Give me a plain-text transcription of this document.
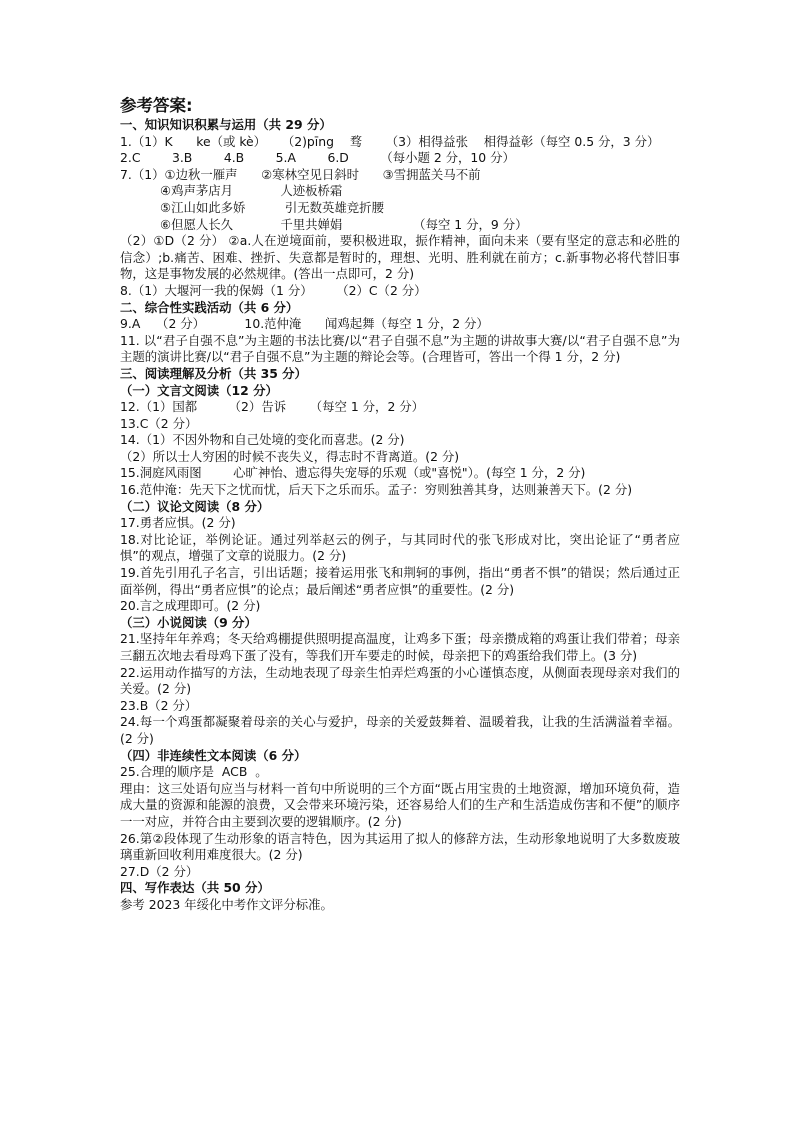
参考答案:
一、知识知识积累与运用（共 29 分）
1.（1）K      ke（或 kè）    （2)pīng    骛      （3）相得益张    相得益彰（每空 0.5 分，3 分）
2.C        3.B        4.B        5.A        6.D        （每小题 2 分，10 分）
7.（1）①边秋一雁声      ②寒林空见日斜时      ③雪拥蓝关马不前
④鸡声茅店月            人迹板桥霜
⑤江山如此多娇          引无数英雄竞折腰
⑥但愿人长久            千里共婵娟                  （每空 1 分，9 分）
（2）①D（2 分） ②a.人在逆境面前，要积极进取，振作精神，面向未来（要有坚定的意志和必胜的信念）;b.痛苦、困难、挫折、失意都是暂时的，理想、光明、胜利就在前方；c.新事物必将代替旧事物，这是事物发展的必然规律。(答出一点即可，2 分)
8.（1）大堰河一我的保姆（1 分）      （2）C（2 分）
二、综合性实践活动（共 6 分）
9.A    （2 分）          10.范仲淹      闻鸡起舞（每空 1 分，2 分）
11. 以“君子自强不息”为主题的书法比赛/以“君子自强不息”为主题的讲故事大赛/以“君子自强不息”为主题的演讲比赛/以“君子自强不息”为主题的辩论会等。(合理皆可，答出一个得 1 分，2 分)
三、阅读理解及分析（共 35 分）
（一）文言文阅读（12 分）
12.（1）国都        （2）告诉      （每空 1 分，2 分）
13.C（2 分）
14.（1）不因外物和自己处境的变化而喜悲。(2 分)
（2）所以士人穷困的时候不丧失义，得志时不背离道。(2 分)
15.洞庭风雨图        心旷神怡、遗忘得失宠辱的乐观（或"喜悦"）。(每空 1 分，2 分)
16.范仲淹：先天下之忧而忧，后天下之乐而乐。孟子：穷则独善其身，达则兼善天下。(2 分)
（二）议论文阅读（8 分）
17.勇者应惧。(2 分)
18.对比论证，举例论证。通过列举赵云的例子，与其同时代的张飞形成对比，突出论证了“勇者应惧”的观点，增强了文章的说服力。(2 分)
19.首先引用孔子名言，引出话题；接着运用张飞和荆轲的事例，指出“勇者不惧”的错误；然后通过正面举例，得出“勇者应惧”的论点；最后阐述“勇者应惧”的重要性。(2 分)
20.言之成理即可。(2 分)
（三）小说阅读（9 分）
21.坚持年年养鸡；冬天给鸡棚提供照明提高温度，让鸡多下蛋；母亲攒成箱的鸡蛋让我们带着；母亲三翻五次地去看母鸡下蛋了没有，等我们开车要走的时候，母亲把下的鸡蛋给我们带上。(3 分)
22.运用动作描写的方法，生动地表现了母亲生怕弄烂鸡蛋的小心谨慎态度，从侧面表现母亲对我们的关爱。(2 分)
23.B（2 分）
24.每一个鸡蛋都凝聚着母亲的关心与爱护，母亲的关爱鼓舞着、温暖着我，让我的生活满溢着幸福。(2 分)
（四）非连续性文本阅读（6 分）
25.合理的顺序是  ACB  。
理由：这三处语句应当与材料一首句中所说明的三个方面“既占用宝贵的土地资源，增加环境负荷，造成大量的资源和能源的浪费，又会带来环境污染，还容易给人们的生产和生活造成伤害和不便”的顺序一一对应，并符合由主要到次要的逻辑顺序。(2 分)
26.第②段体现了生动形象的语言特色，因为其运用了拟人的修辞方法，生动形象地说明了大多数废玻璃重新回收利用难度很大。(2 分)
27.D（2 分）
四、写作表达（共 50 分）
参考 2023 年绥化中考作文评分标准。
